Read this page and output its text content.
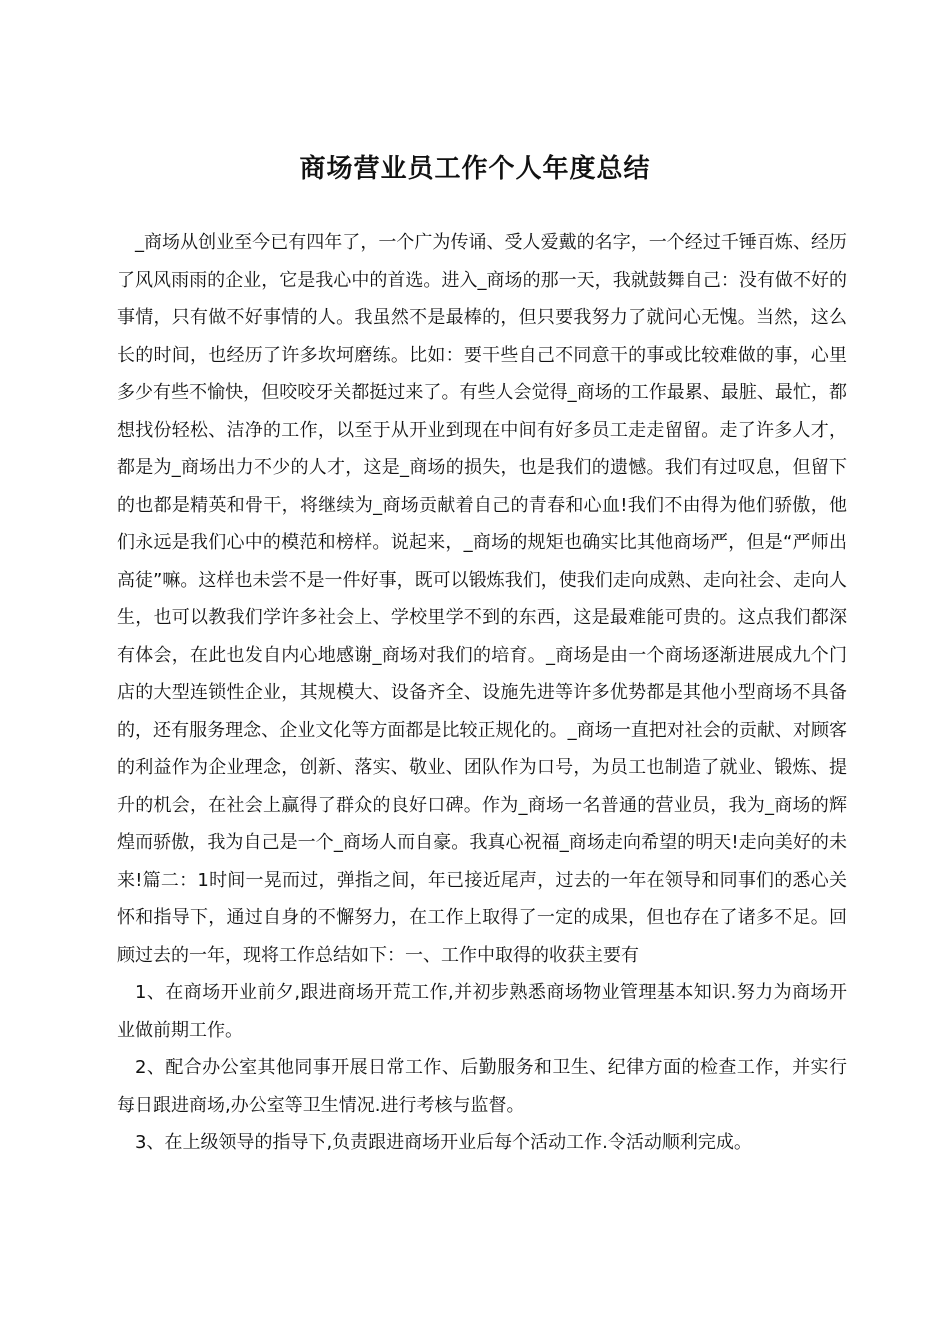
商场营业员工作个人年度总结

_商场从创业至今已有四年了，一个广为传诵、受人爱戴的名字，一个经过千锤百炼、经历了风风雨雨的企业，它是我心中的首选。进入_商场的那一天，我就鼓舞自己：没有做不好的事情，只有做不好事情的人。我虽然不是最棒的，但只要我努力了就问心无愧。当然，这么长的时间，也经历了许多坎坷磨练。比如：要干些自己不同意干的事或比较难做的事，心里多少有些不愉快，但咬咬牙关都挺过来了。有些人会觉得_商场的工作最累、最脏、最忙，都想找份轻松、洁净的工作，以至于从开业到现在中间有好多员工走走留留。走了许多人才，都是为_商场出力不少的人才，这是_商场的损失，也是我们的遗憾。我们有过叹息，但留下的也都是精英和骨干，将继续为_商场贡献着自己的青春和心血!我们不由得为他们骄傲，他们永远是我们心中的模范和榜样。说起来，_商场的规矩也确实比其他商场严，但是“严师出高徒”嘛。这样也未尝不是一件好事，既可以锻炼我们，使我们走向成熟、走向社会、走向人生，也可以教我们学许多社会上、学校里学不到的东西，这是最难能可贵的。这点我们都深有体会，在此也发自内心地感谢_商场对我们的培育。_商场是由一个商场逐渐进展成九个门店的大型连锁性企业，其规模大、设备齐全、设施先进等许多优势都是其他小型商场不具备的，还有服务理念、企业文化等方面都是比较正规化的。_商场一直把对社会的贡献、对顾客的利益作为企业理念，创新、落实、敬业、团队作为口号，为员工也制造了就业、锻炼、提升的机会，在社会上赢得了群众的良好口碑。作为_商场一名普通的营业员，我为_商场的辉煌而骄傲，我为自己是一个_商场人而自豪。我真心祝福_商场走向希望的明天!走向美好的未来!篇二：1时间一晃而过，弹指之间，年已接近尾声，过去的一年在领导和同事们的悉心关怀和指导下，通过自身的不懈努力，在工作上取得了一定的成果，但也存在了诸多不足。回顾过去的一年，现将工作总结如下：一、工作中取得的收获主要有

1、在商场开业前夕,跟进商场开荒工作,并初步熟悉商场物业管理基本知识.努力为商场开业做前期工作。

2、配合办公室其他同事开展日常工作、后勤服务和卫生、纪律方面的检查工作，并实行每日跟进商场,办公室等卫生情况.进行考核与监督。

3、在上级领导的指导下,负责跟进商场开业后每个活动工作.令活动顺利完成。
